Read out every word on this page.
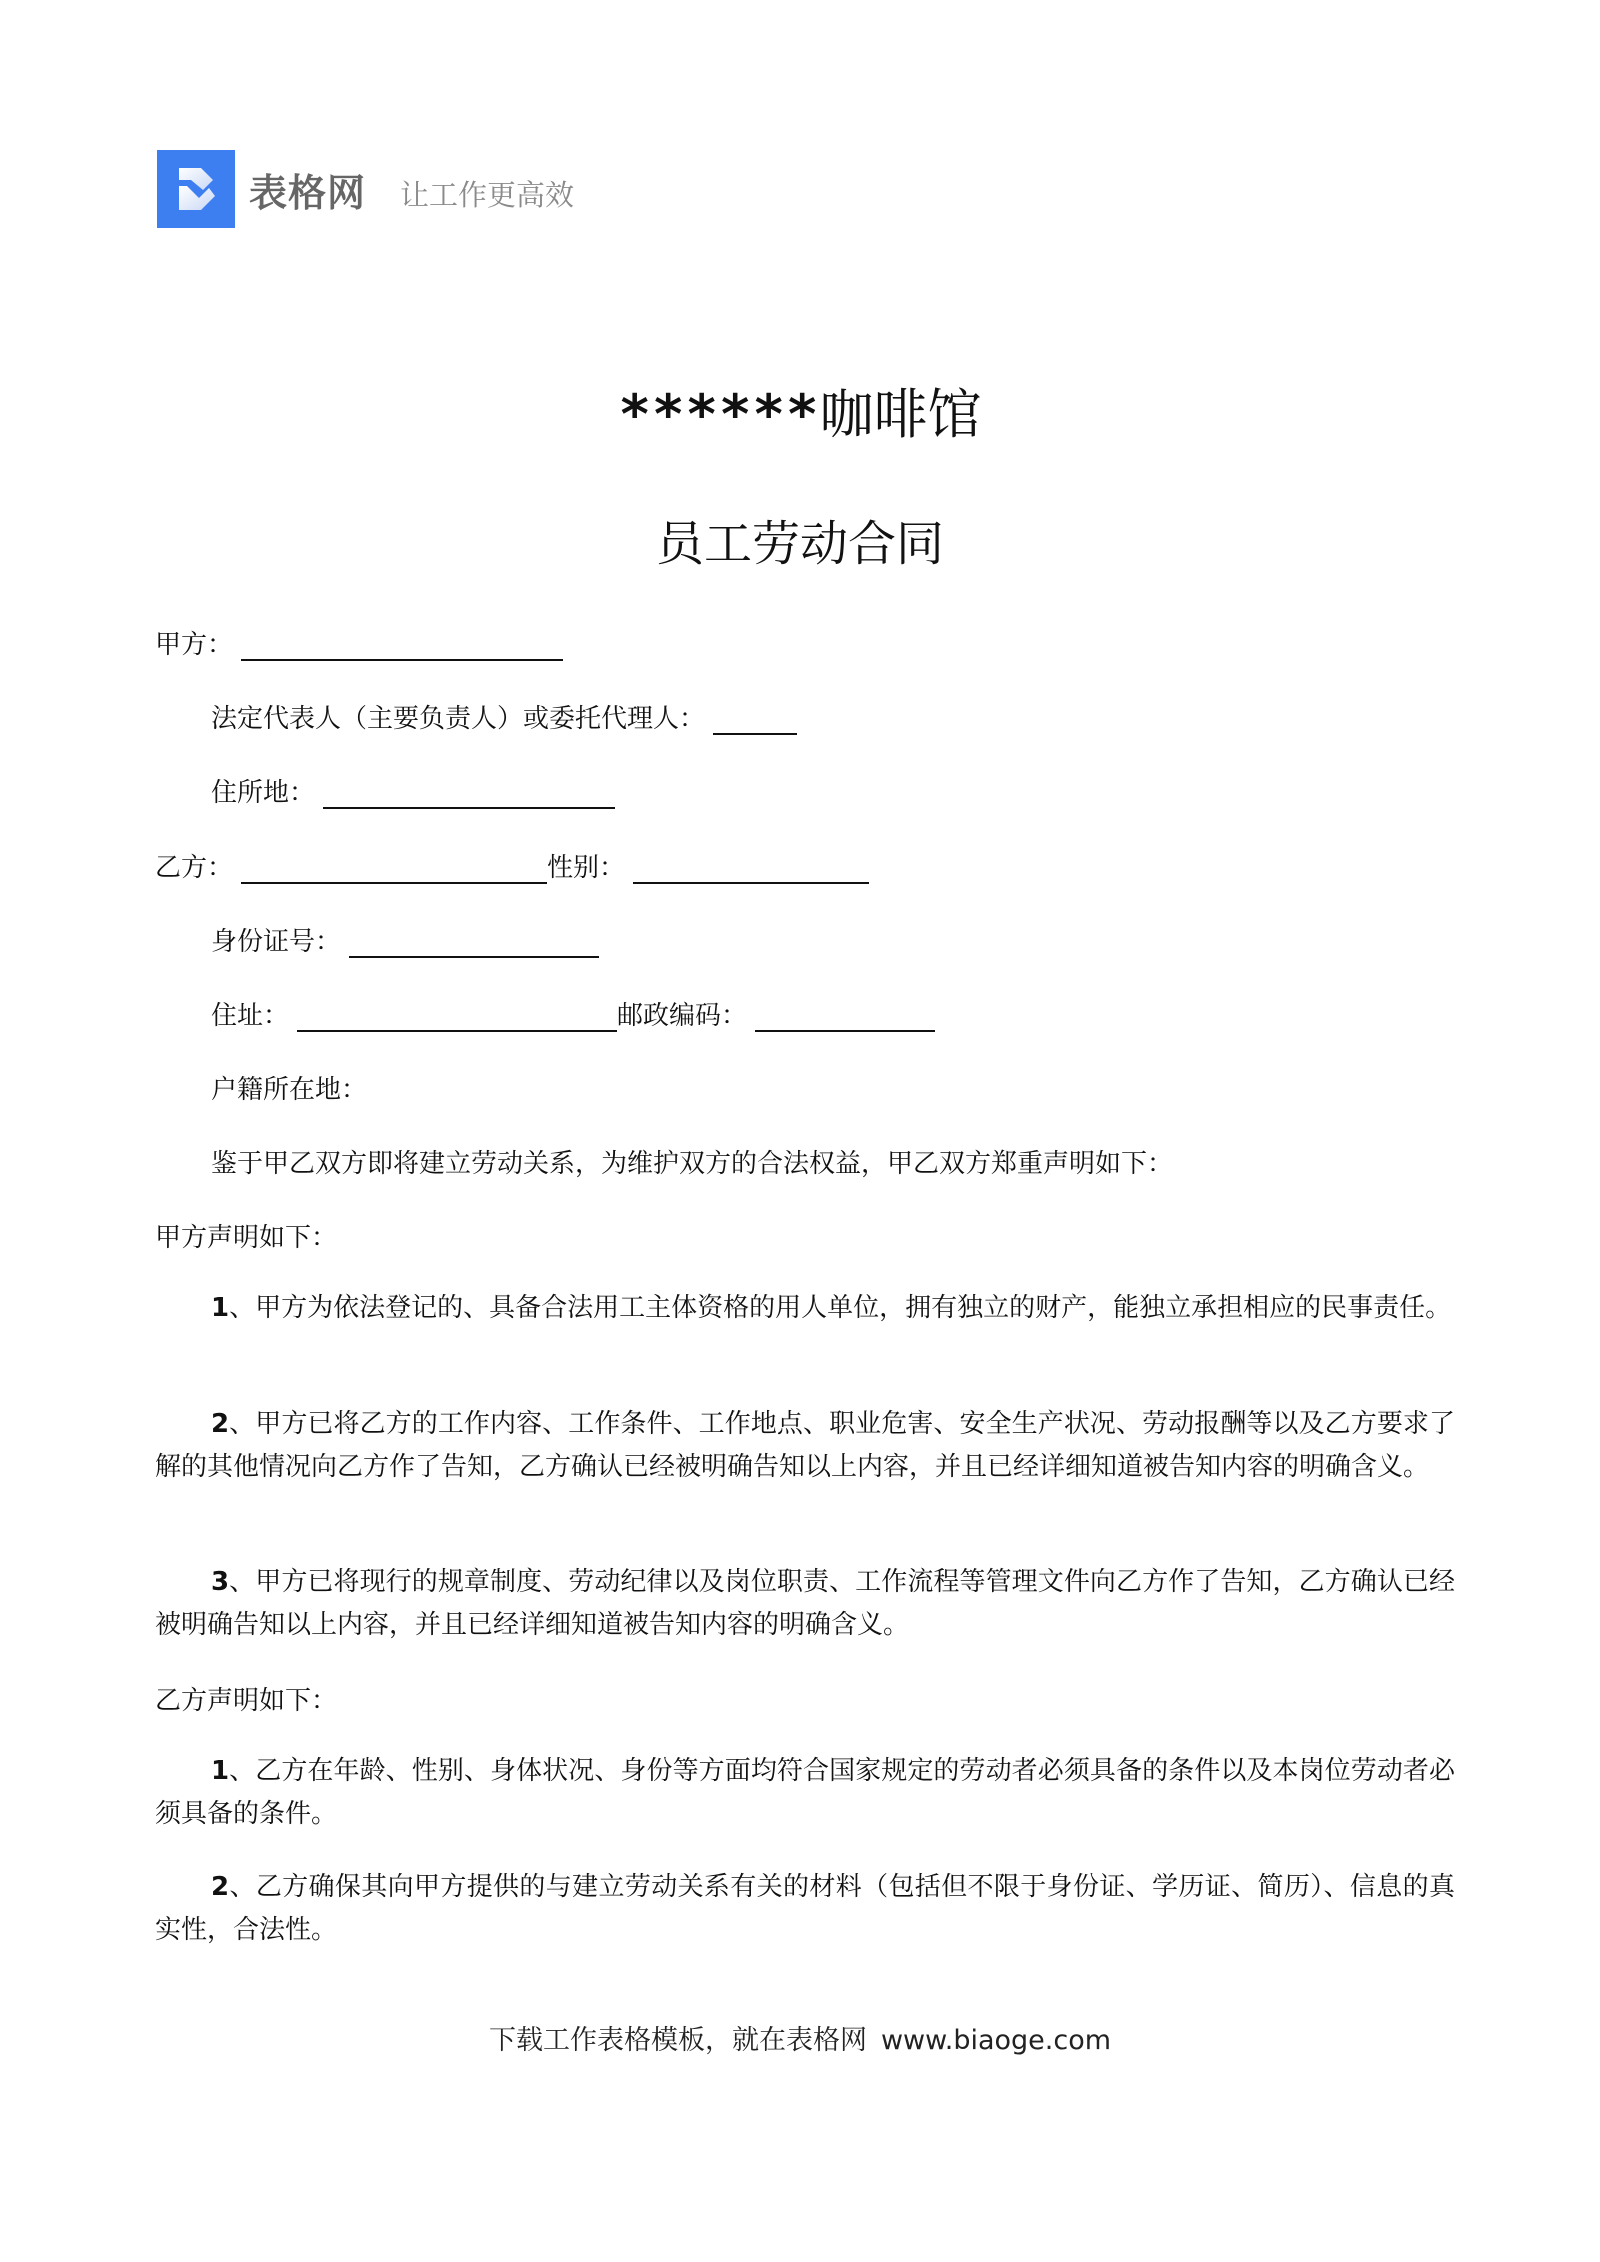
表格网 让工作更高效
******咖啡馆
员工劳动合同
甲方：
法定代表人（主要负责人）或委托代理人：
住所地：
乙方：	性别：
身份证号：
住址：	邮政编码：
户籍所在地：
鉴于甲乙双方即将建立劳动关系，为维护双方的合法权益，甲乙双方郑重声明如下：
甲方声明如下：
1、甲方为依法登记的、具备合法用工主体资格的用人单位，拥有独立的财产，能独立承担相应的民事责任。
2、甲方已将乙方的工作内容、工作条件、工作地点、职业危害、安全生产状况、劳动报酬等以及乙方要求了解的其他情况向乙方作了告知，乙方确认已经被明确告知以上内容，并且已经详细知道被告知内容的明确含义。
3、甲方已将现行的规章制度、劳动纪律以及岗位职责、工作流程等管理文件向乙方作了告知，乙方确认已经被明确告知以上内容，并且已经详细知道被告知内容的明确含义。
乙方声明如下：
1、乙方在年龄、性别、身体状况、身份等方面均符合国家规定的劳动者必须具备的条件以及本岗位劳动者必须具备的条件。
2、乙方确保其向甲方提供的与建立劳动关系有关的材料（包括但不限于身份证、学历证、简历）、信息的真实性，合法性。
下载工作表格模板，就在表格网 www.biaoge.com
